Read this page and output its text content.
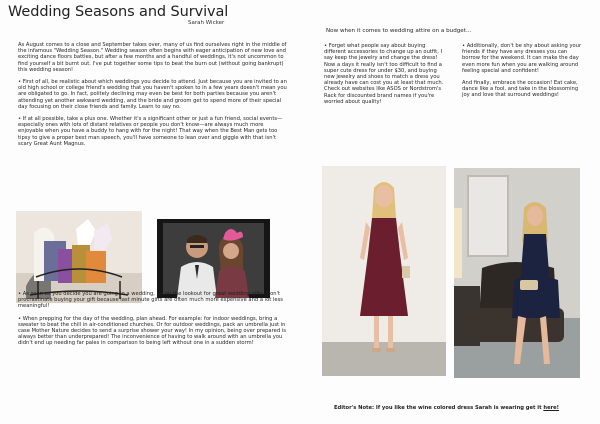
Wedding Seasons and Survival
Sarah Wicker

As August comes to a close and September takes over, many of us find ourselves right in the middle of the infamous "Wedding Season." Wedding season often begins with eager anticipation of new love and exciting dance floors battles, but after a few months and a handful of weddings, it's not uncommon to find yourself a bit burnt out. I've put together some tips to beat the burn out (without going bankrupt) this wedding season!

• First of all, be realistic about which weddings you decide to attend. Just because you are invited to an old high school or college friend's wedding that you haven't spoken to in a few years doesn't mean you are obligated to go. In fact, politely declining may even be best for both parties because you aren't attending yet another awkward wedding, and the bride and groom get to spend more of their special day focusing on their close friends and family. Learn to say no.

• If at all possible, take a plus one. Whether it's a significant other or just a fun friend, social events—especially ones with lots of distant relatives or people you don't know—are always much more enjoyable when you have a buddy to hang with for the night! That way when the Best Man gets too tipsy to give a proper best man speech, you'll have someone to lean over and giggle with that isn't scary Great Aunt Magnus.

• As soon as you decide you are going to a wedding, be on the lookout for great wedding gifts. Don't procrastinate buying your gift because last minute gifts are often much more expensive and a lot less meaningful!

• When prepping for the day of the wedding, plan ahead. For example: for indoor weddings, bring a sweater to beat the chill in air-conditioned churches. Or for outdoor weddings, pack an umbrella just in case Mother Nature decides to send a surprise shower your way! In my opinion, being over prepared is always better than underprepared! The inconvenience of having to walk around with an umbrella you didn't end up needing far pales in comparison to being left without one in a sudden storm!

Now when it comes to wedding attire on a budget...

• Forget what people say about buying different accessories to change up an outfit, I say keep the jewelry and change the dress! Now a days it really isn't too difficult to find a super cute dress for under $30, and buying new jewelry and shoes to match a dress you already have can cost you at least that much. Check out websites like ASOS or Nordstrom's Rack for discounted brand names if you're worried about quality!

• Additionally, don't be shy about asking your friends if they have any dresses you can borrow for the weekend. It can make the day even more fun when you are walking around feeling special and confident!

And finally, embrace the occasion! Eat cake, dance like a fool, and take in the blossoming joy and love that surround weddings!

Editor's Note: If you like the wine colored dress Sarah is wearing get it here!
